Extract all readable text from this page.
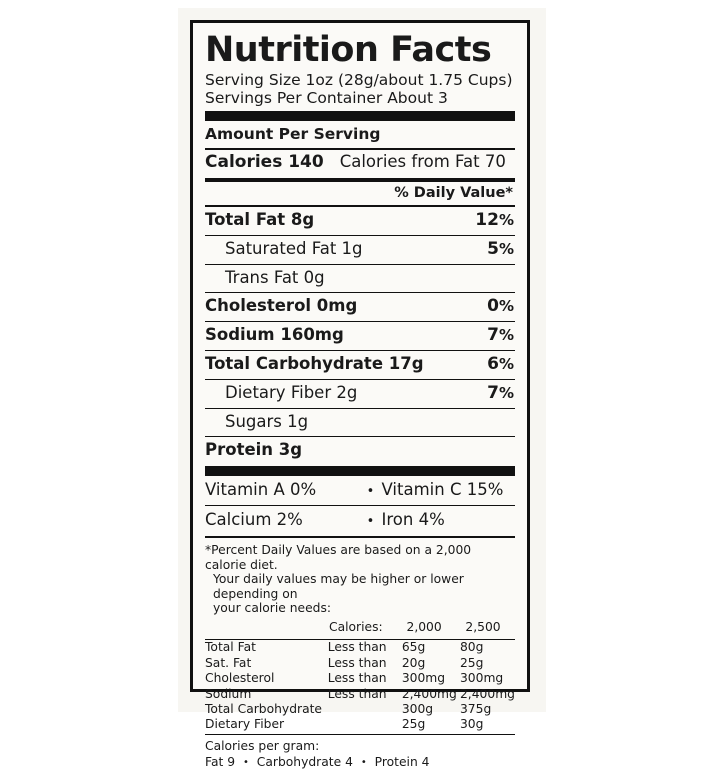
Nutrition Facts
Serving Size 1oz (28g/about 1.75 Cups)
Servings Per Container About 3
Amount Per Serving
Calories 140 Calories from Fat 70
% Daily Value*
Total Fat 8g	12%
Saturated Fat 1g	5%
Trans Fat 0g
Cholesterol 0mg	0%
Sodium 160mg	7%
Total Carbohydrate 17g	6%
Dietary Fiber 2g	7%
Sugars 1g
Protein 3g
Vitamin A 0%	• Vitamin C 15%
Calcium 2%	• Iron 4%
*Percent Daily Values are based on a 2,000 calorie diet.
Your daily values may be higher or lower depending on
your calorie needs:
	Calories:	2,000	2,500
Total Fat	Less than	65g	80g
Sat. Fat	Less than	20g	25g
Cholesterol	Less than	300mg	300mg
Sodium	Less than	2,400mg	2,400mg
Total Carbohydrate		300g	375g
Dietary Fiber		25g	30g
Calories per gram:
Fat 9 • Carbohydrate 4 • Protein 4
